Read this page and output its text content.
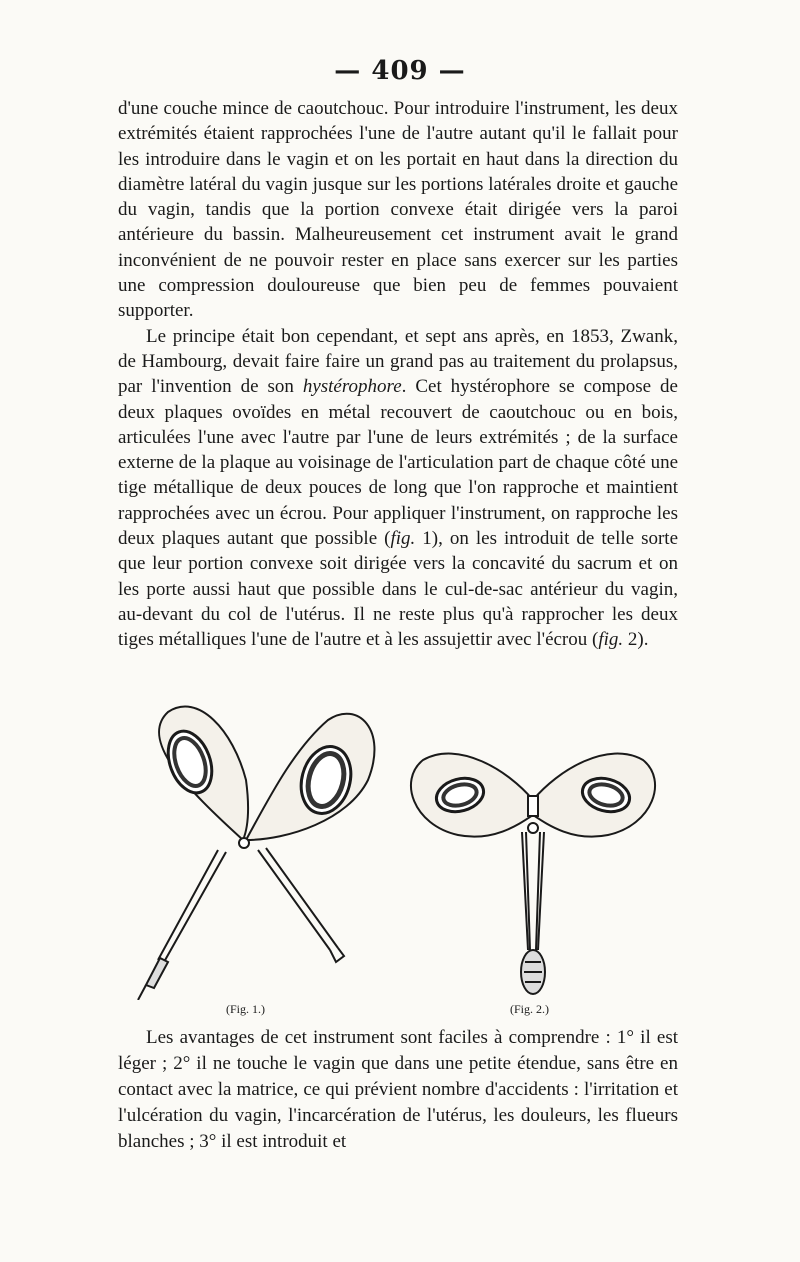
— 409 —

d'une couche mince de caoutchouc. Pour introduire l'instrument, les deux extrémités étaient rapprochées l'une de l'autre autant qu'il le fallait pour les introduire dans le vagin et on les portait en haut dans la direction du diamètre latéral du vagin jusque sur les portions latérales droite et gauche du vagin, tandis que la portion convexe était dirigée vers la paroi antérieure du bassin. Malheureusement cet instrument avait le grand inconvénient de ne pouvoir rester en place sans exercer sur les parties une compression douloureuse que bien peu de femmes pouvaient supporter.

Le principe était bon cependant, et sept ans après, en 1853, Zwank, de Hambourg, devait faire faire un grand pas au traitement du prolapsus, par l'invention de son hystérophore. Cet hystérophore se compose de deux plaques ovoïdes en métal recouvert de caoutchouc ou en bois, articulées l'une avec l'autre par l'une de leurs extrémités ; de la surface externe de la plaque au voisinage de l'articulation part de chaque côté une tige métallique de deux pouces de long que l'on rapproche et maintient rapprochées avec un écrou. Pour appliquer l'instrument, on rapproche les deux plaques autant que possible (fig. 1), on les introduit de telle sorte que leur portion convexe soit dirigée vers la concavité du sacrum et on les porte aussi haut que possible dans le cul-de-sac antérieur du vagin, au-devant du col de l'utérus. Il ne reste plus qu'à rapprocher les deux tiges métalliques l'une de l'autre et à les assujettir avec l'écrou (fig. 2).

(Fig. 1.)	(Fig. 2.)

Les avantages de cet instrument sont faciles à comprendre : 1° il est léger ; 2° il ne touche le vagin que dans une petite étendue, sans être en contact avec la matrice, ce qui prévient nombre d'accidents : l'irritation et l'ulcération du vagin, l'incarcération de l'utérus, les douleurs, les flueurs blanches ; 3° il est introduit et
